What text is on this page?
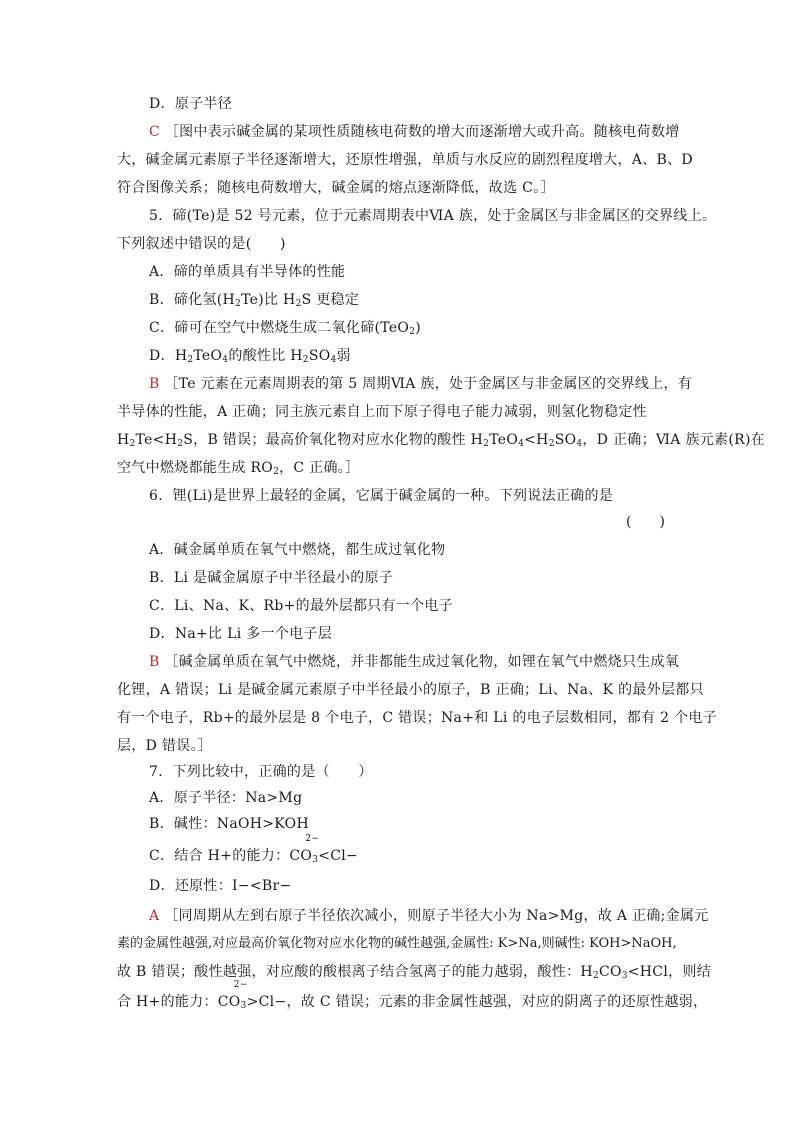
D．原子半径
C ［图中表示碱金属的某项性质随核电荷数的增大而逐渐增大或升高。随核电荷数增
大，碱金属元素原子半径逐渐增大，还原性增强，单质与水反应的剧烈程度增大，A、B、D
符合图像关系；随核电荷数增大，碱金属的熔点逐渐降低，故选 C。］
5．碲(Te)是 52 号元素，位于元素周期表中ⅥA 族，处于金属区与非金属区的交界线上。
下列叙述中错误的是(　　)
A．碲的单质具有半导体的性能
B．碲化氢$(H_2Te)$比 $H_2S$ 更稳定
C．碲可在空气中燃烧生成二氧化碲(TeO$_2$)
D．$H_2TeO_4$的酸性比 $H_2SO_4$弱
B ［Te 元素在元素周期表的第 5 周期ⅥA 族，处于金属区与非金属区的交界线上，有
半导体的性能，A 正确；同主族元素自上而下原子得电子能力减弱，则氢化物稳定性
$H_2Te<H_2S$，B 错误；最高价氧化物对应水化物的酸性 $H_2TeO_4<H_2SO_4$，D 正确；ⅥA 族元素(R)在
空气中燃烧都能生成 $RO_2$，C 正确。］
6．锂(Li)是世界上最轻的金属，它属于碱金属的一种。下列说法正确的是
(　　)
A．碱金属单质在氧气中燃烧，都生成过氧化物
B．Li 是碱金属原子中半径最小的原子
C．Li、Na、K、Rb+的最外层都只有一个电子
D．Na+比 Li 多一个电子层
B ［碱金属单质在氧气中燃烧，并非都能生成过氧化物，如锂在氧气中燃烧只生成氧
化锂，A 错误；Li 是碱金属元素原子中半径最小的原子，B 正确；Li、Na、K 的最外层都只
有一个电子，Rb+的最外层是 8 个电子，C 错误；Na+和 Li 的电子层数相同，都有 2 个电子
层，D 错误。］
7．下列比较中，正确的是（　　）
A．原子半径：Na>Mg
B．碱性：NaOH>KOH
C．结合 H+的能力：$CO_3$
2−
<Cl−
D．还原性：I−<Br−
A ［同周期从左到右原子半径依次减小，则原子半径大小为 Na>Mg，故 A 正确;金属元
素的金属性越强,对应最高价氧化物对应水化物的碱性越强,金属性: K>Na,则碱性: KOH>NaOH,
故 B 错误；酸性越强，对应酸的酸根离子结合氢离子的能力越弱，酸性：$H_2CO_3<HCl$，则结
合 H+的能力：$CO_3$
2−
>Cl−，故 C 错误；元素的非金属性越强，对应的阴离子的还原性越弱，
